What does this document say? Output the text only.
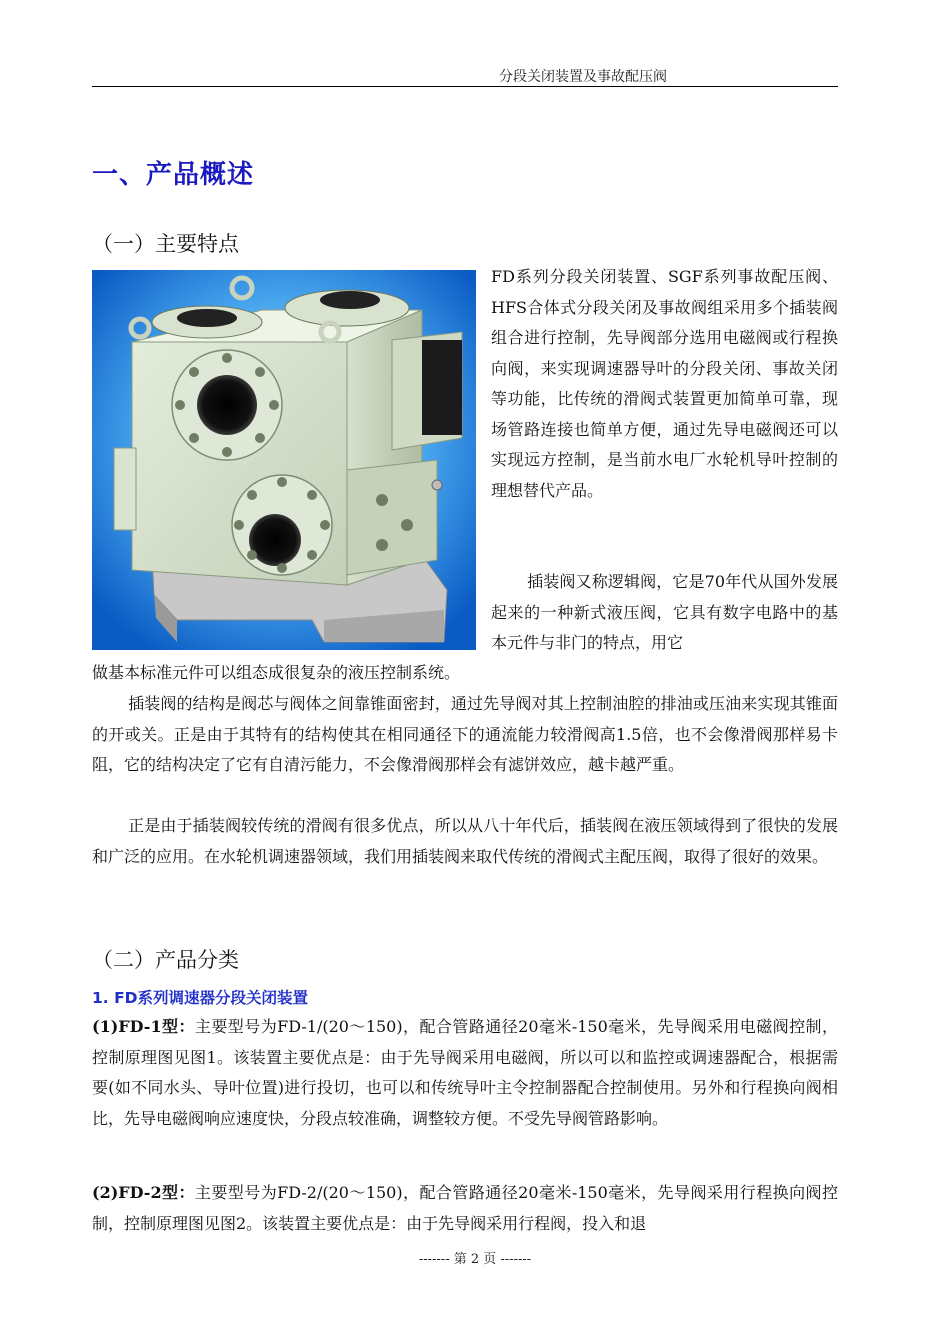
分段关闭装置及事故配压阀
一、产品概述
（一）主要特点

FD系列分段关闭装置、SGF系列事故配压阀、HFS合体式分段关闭及事故阀组采用多个插装阀组合进行控制，先导阀部分选用电磁阀或行程换向阀，来实现调速器导叶的分段关闭、事故关闭等功能，比传统的滑阀式装置更加简单可靠，现场管路连接也简单方便，通过先导电磁阀还可以实现远方控制，是当前水电厂水轮机导叶控制的理想替代产品。

插装阀又称逻辑阀，它是70年代从国外发展起来的一种新式液压阀，它具有数字电路中的基本元件与非门的特点，用它

做基本标准元件可以组态成很复杂的液压控制系统。

插装阀的结构是阀芯与阀体之间靠锥面密封，通过先导阀对其上控制油腔的排油或压油来实现其锥面的开或关。正是由于其特有的结构使其在相同通径下的通流能力较滑阀高1.5倍，也不会像滑阀那样易卡阻，它的结构决定了它有自清污能力，不会像滑阀那样会有滤饼效应，越卡越严重。

正是由于插装阀较传统的滑阀有很多优点，所以从八十年代后，插装阀在液压领域得到了很快的发展和广泛的应用。在水轮机调速器领域，我们用插装阀来取代传统的滑阀式主配压阀，取得了很好的效果。

（二）产品分类
1. FD系列调速器分段关闭装置

(1)FD-1型：主要型号为FD-1/(20～150)，配合管路通径20毫米-150毫米，先导阀采用电磁阀控制，控制原理图见图1。该装置主要优点是：由于先导阀采用电磁阀，所以可以和监控或调速器配合，根据需要(如不同水头、导叶位置)进行投切，也可以和传统导叶主令控制器配合控制使用。另外和行程换向阀相比，先导电磁阀响应速度快，分段点较准确，调整较方便。不受先导阀管路影响。

(2)FD-2型：主要型号为FD-2/(20～150)，配合管路通径20毫米-150毫米，先导阀采用行程换向阀控制，控制原理图见图2。该装置主要优点是：由于先导阀采用行程阀，投入和退

------- 第 2 页 -------
